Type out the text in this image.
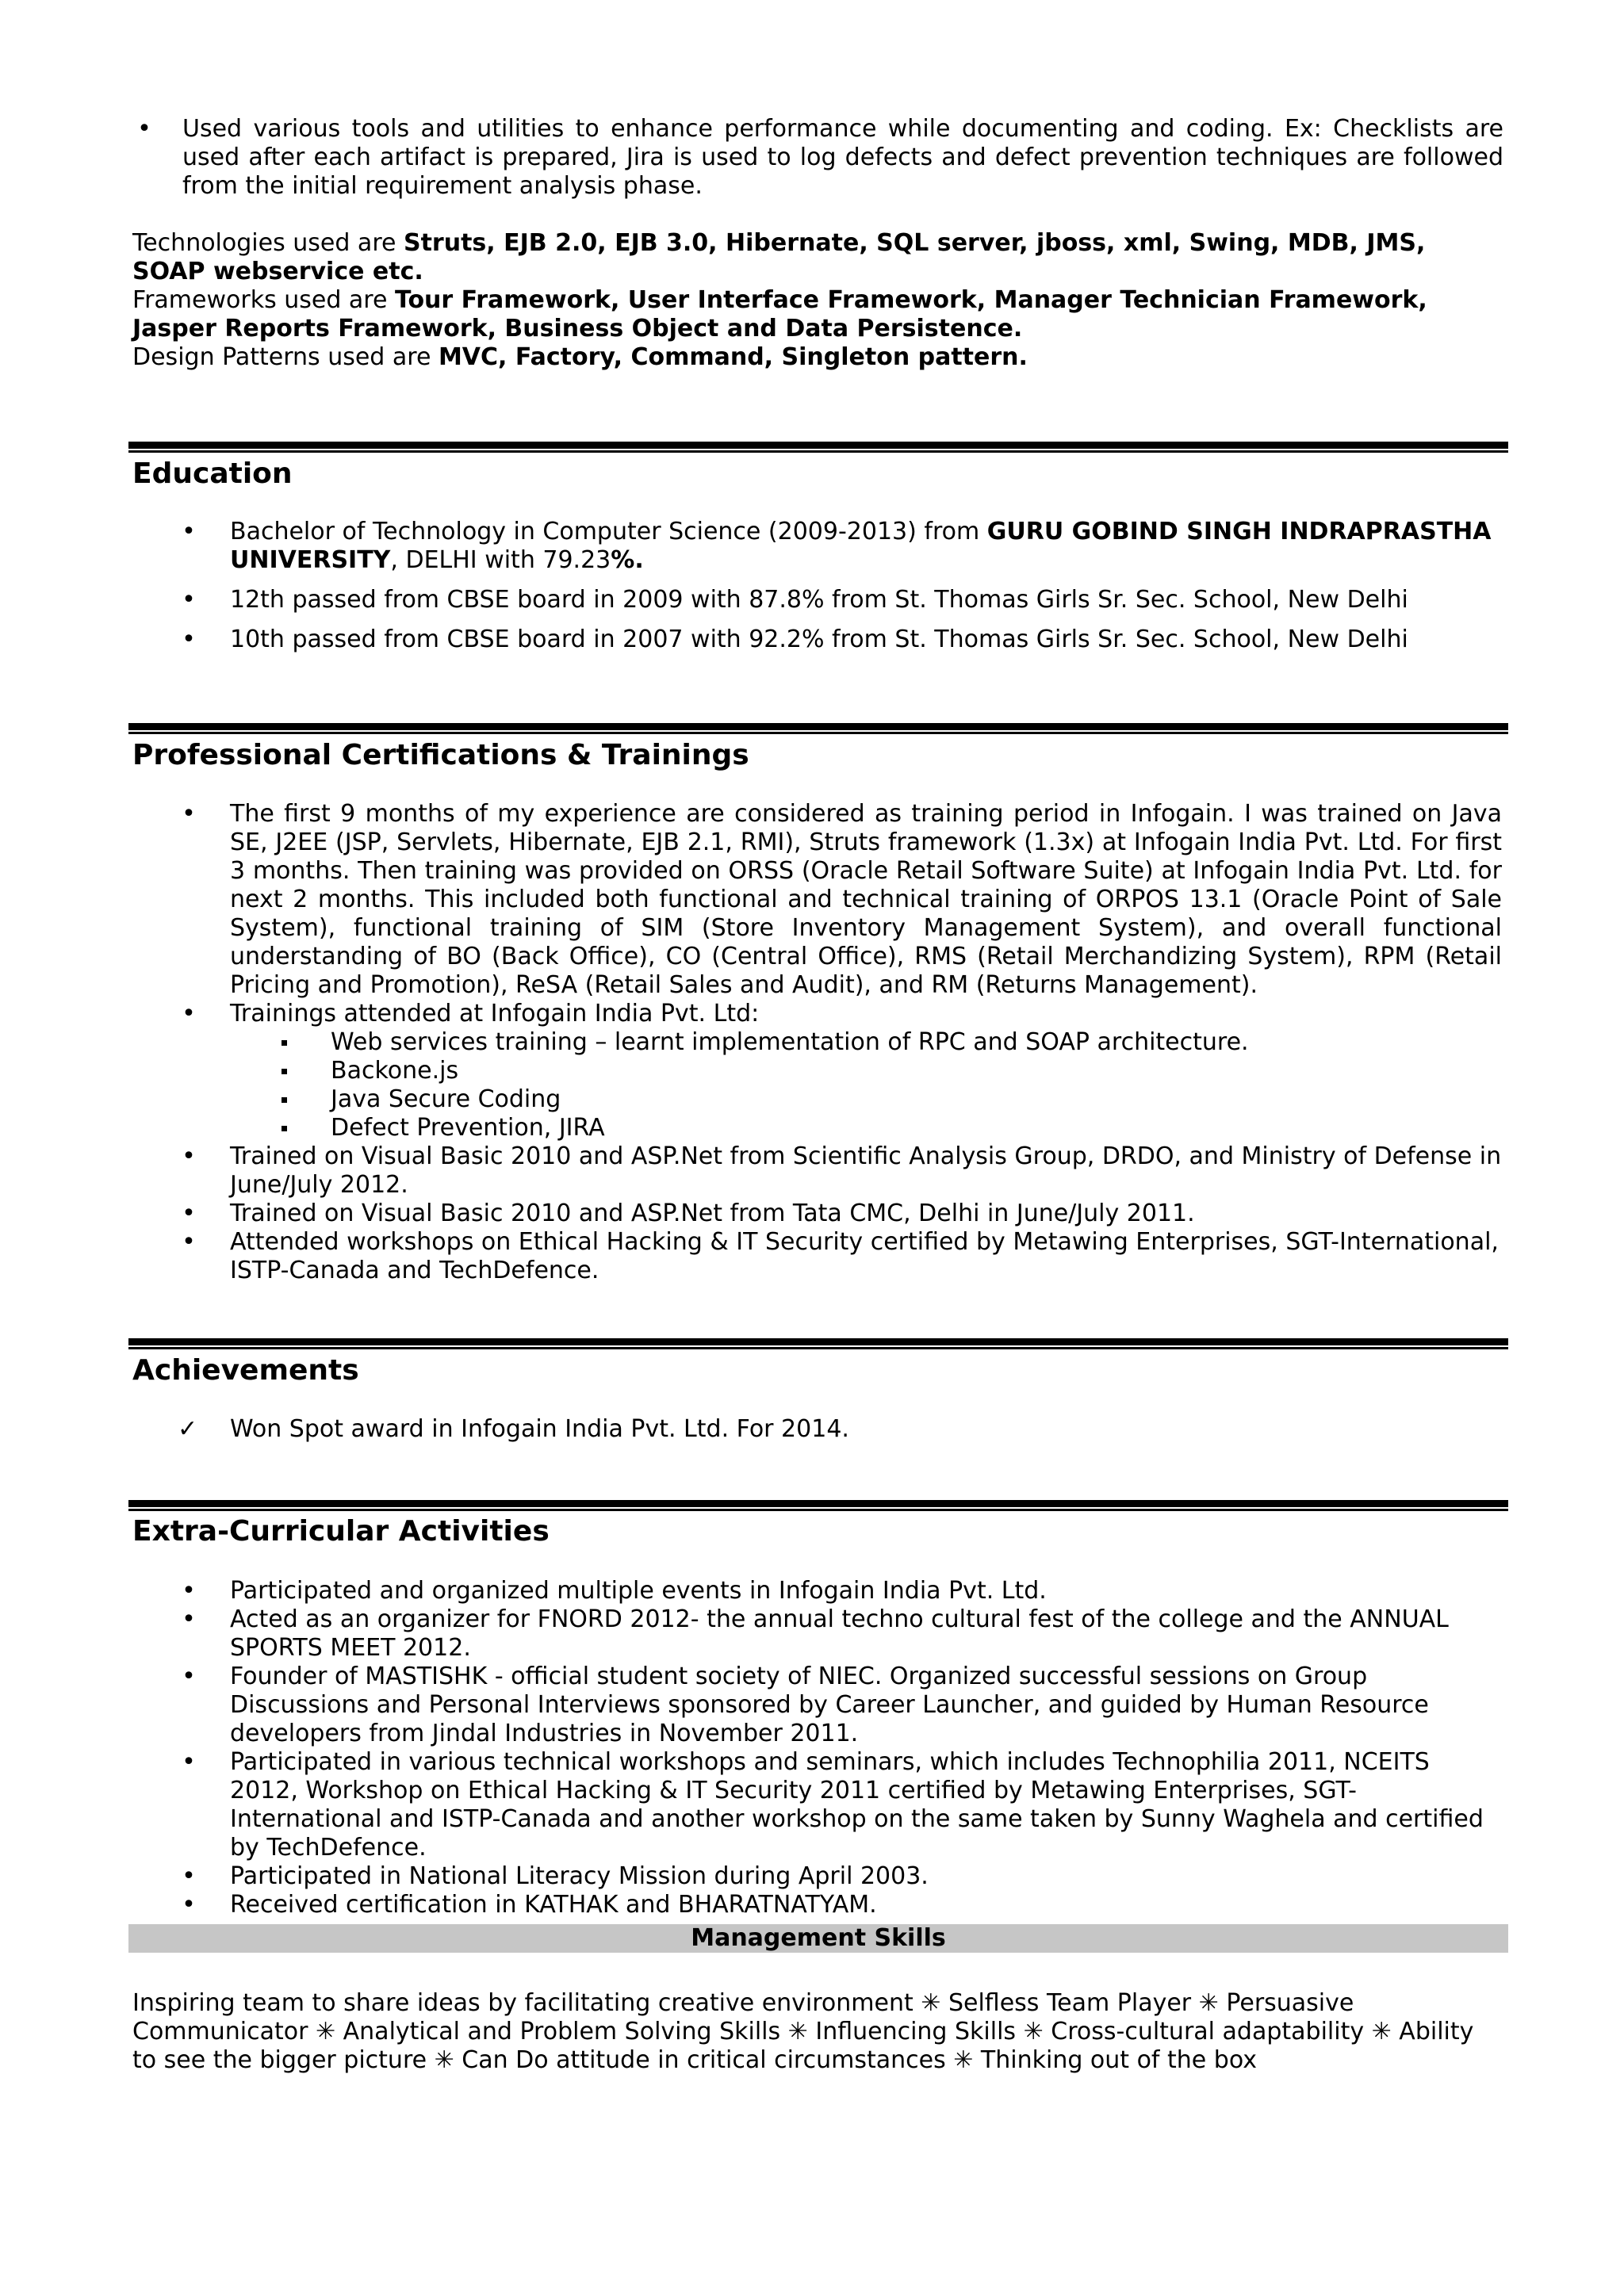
• Used various tools and utilities to enhance performance while documenting and coding. Ex: Checklists are used after each artifact is prepared, Jira is used to log defects and defect prevention techniques are followed from the initial requirement analysis phase.

Technologies used are Struts, EJB 2.0, EJB 3.0, Hibernate, SQL server, jboss, xml, Swing, MDB, JMS, SOAP webservice etc.

Frameworks used are Tour Framework, User Interface Framework, Manager Technician Framework, Jasper Reports Framework, Business Object and Data Persistence.

Design Patterns used are MVC, Factory, Command, Singleton pattern.

Education
• Bachelor of Technology in Computer Science (2009-2013) from GURU GOBIND SINGH INDRAPRASTHA UNIVERSITY, DELHI with 79.23%.
• 12th passed from CBSE board in 2009 with 87.8% from St. Thomas Girls Sr. Sec. School, New Delhi
• 10th passed from CBSE board in 2007 with 92.2% from St. Thomas Girls Sr. Sec. School, New Delhi
Professional Certifications & Trainings
• The first 9 months of my experience are considered as training period in Infogain. I was trained on Java SE, J2EE (JSP, Servlets, Hibernate, EJB 2.1, RMI), Struts framework (1.3x) at Infogain India Pvt. Ltd. For first 3 months. Then training was provided on ORSS (Oracle Retail Software Suite) at Infogain India Pvt. Ltd. for next 2 months. This included both functional and technical training of ORPOS 13.1 (Oracle Point of Sale System), functional training of SIM (Store Inventory Management System), and overall functional understanding of BO (Back Office), CO (Central Office), RMS (Retail Merchandizing System), RPM (Retail Pricing and Promotion), ReSA (Retail Sales and Audit), and RM (Returns Management).
• Trainings attended at Infogain India Pvt. Ltd:
Web services training – learnt implementation of RPC and SOAP architecture.
Backone.js
Java Secure Coding
Defect Prevention, JIRA
• Trained on Visual Basic 2010 and ASP.Net from Scientific Analysis Group, DRDO, and Ministry of Defense in June/July 2012.
• Trained on Visual Basic 2010 and ASP.Net from Tata CMC, Delhi in June/July 2011.
• Attended workshops on Ethical Hacking & IT Security certified by Metawing Enterprises, SGT-International, ISTP-Canada and TechDefence.
Achievements
✓ Won Spot award in Infogain India Pvt. Ltd. For 2014.
Extra-Curricular Activities
• Participated and organized multiple events in Infogain India Pvt. Ltd.
• Acted as an organizer for FNORD 2012- the annual techno cultural fest of the college and the ANNUAL SPORTS MEET 2012.
• Founder of MASTISHK - official student society of NIEC. Organized successful sessions on Group Discussions and Personal Interviews sponsored by Career Launcher, and guided by Human Resource developers from Jindal Industries in November 2011.
• Participated in various technical workshops and seminars, which includes Technophilia 2011, NCEITS 2012, Workshop on Ethical Hacking & IT Security 2011 certified by Metawing Enterprises, SGT-International and ISTP-Canada and another workshop on the same taken by Sunny Waghela and certified by TechDefence.
• Participated in National Literacy Mission during April 2003.
• Received certification in KATHAK and BHARATNATYAM.
Management Skills

Inspiring team to share ideas by facilitating creative environment ✳ Selfless Team Player ✳ Persuasive Communicator ✳ Analytical and Problem Solving Skills ✳ Influencing Skills ✳ Cross-cultural adaptability ✳ Ability to see the bigger picture ✳ Can Do attitude in critical circumstances ✳ Thinking out of the box
